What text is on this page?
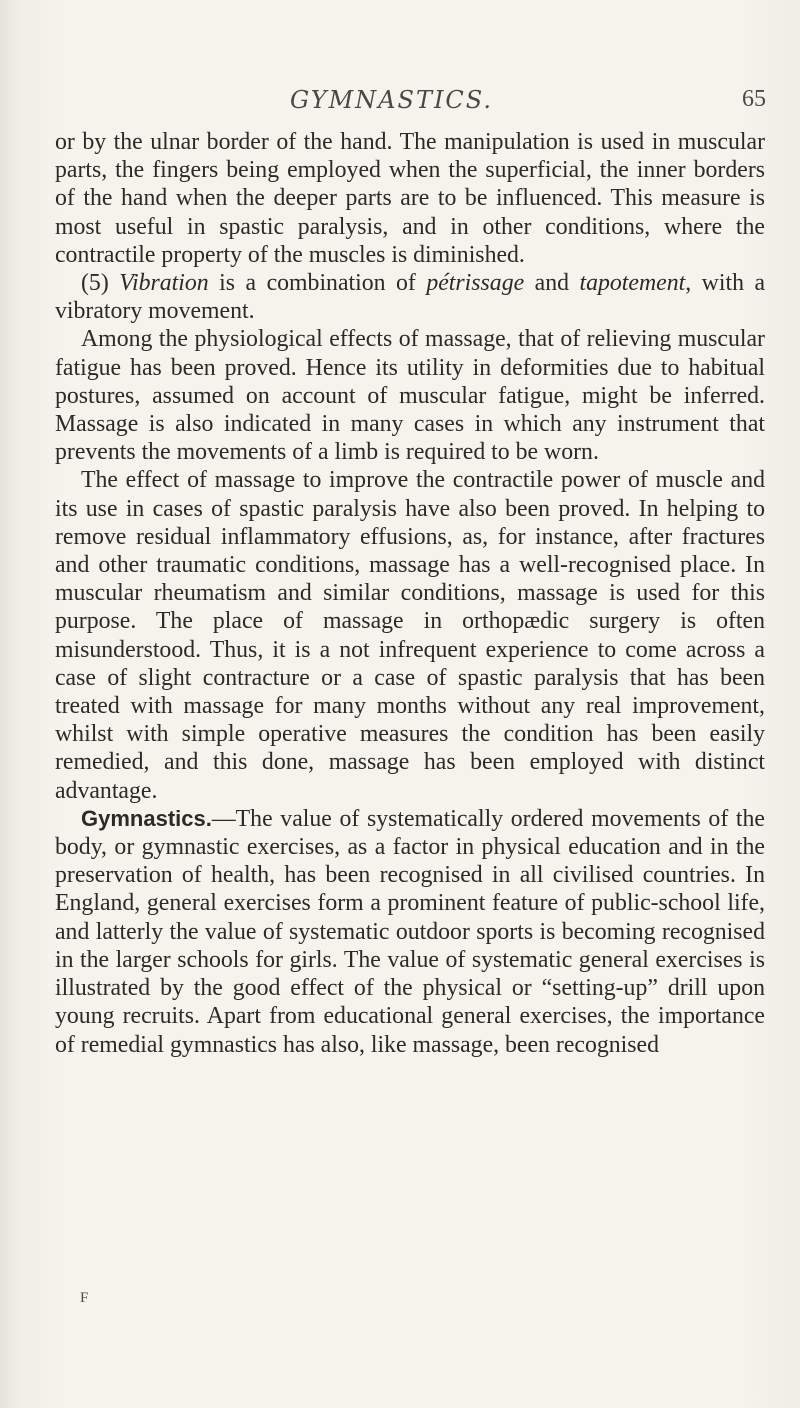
GYMNASTICS.	65

or by the ulnar border of the hand. The manipulation is used in muscular parts, the fingers being employed when the superficial, the inner borders of the hand when the deeper parts are to be influenced. This measure is most useful in spastic paralysis, and in other conditions, where the contractile property of the muscles is diminished.

(5) Vibration is a combination of pétrissage and tapotement, with a vibratory movement.

Among the physiological effects of massage, that of relieving muscular fatigue has been proved. Hence its utility in deformities due to habitual postures, assumed on account of muscular fatigue, might be inferred. Massage is also indicated in many cases in which any instrument that prevents the movements of a limb is required to be worn.

The effect of massage to improve the contractile power of muscle and its use in cases of spastic paralysis have also been proved. In helping to remove residual inflammatory effusions, as, for instance, after fractures and other traumatic conditions, massage has a well-recognised place. In muscular rheumatism and similar conditions, massage is used for this purpose. The place of massage in orthopædic surgery is often misunderstood. Thus, it is a not infrequent experience to come across a case of slight contracture or a case of spastic paralysis that has been treated with massage for many months without any real improvement, whilst with simple operative measures the condition has been easily remedied, and this done, massage has been employed with distinct advantage.

Gymnastics.—The value of systematically ordered movements of the body, or gymnastic exercises, as a factor in physical education and in the preservation of health, has been recognised in all civilised countries. In England, general exercises form a prominent feature of public-school life, and latterly the value of systematic outdoor sports is becoming recognised in the larger schools for girls. The value of systematic general exercises is illustrated by the good effect of the physical or “setting-up” drill upon young recruits. Apart from educational general exercises, the importance of remedial gymnastics has also, like massage, been recognised

F
